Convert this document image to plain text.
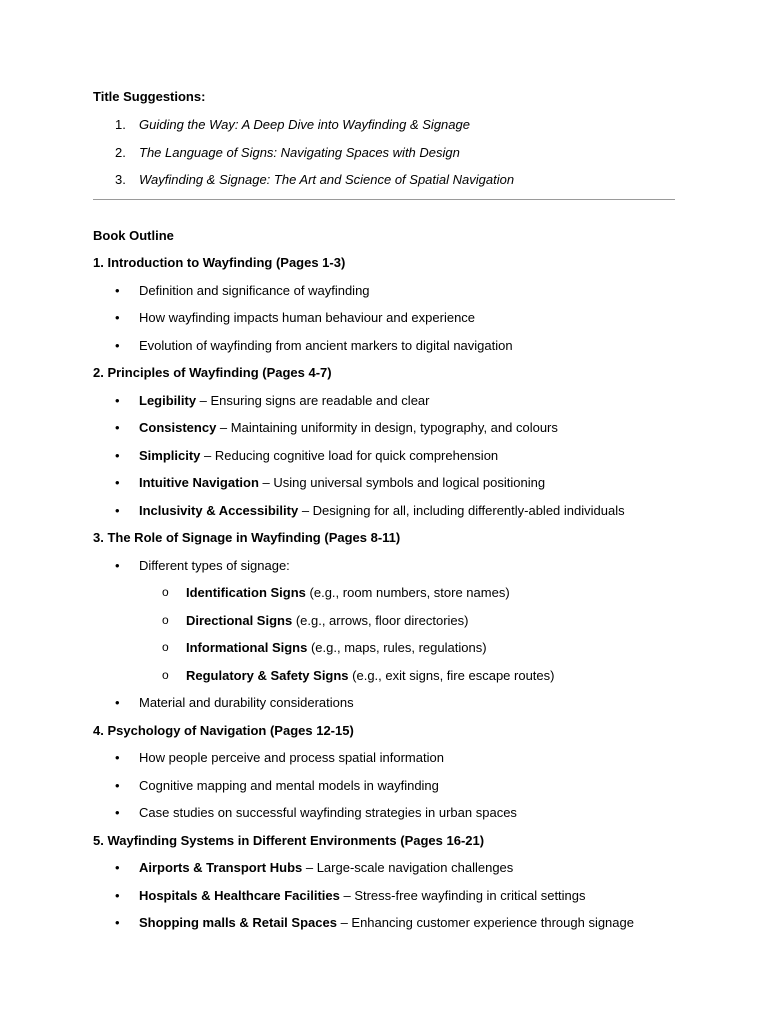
Title Suggestions:
1.	Guiding the Way: A Deep Dive into Wayfinding & Signage
2.	The Language of Signs: Navigating Spaces with Design
3.	Wayfinding & Signage: The Art and Science of Spatial Navigation
Book Outline
1. Introduction to Wayfinding (Pages 1-3)
•	Definition and significance of wayfinding
•	How wayfinding impacts human behaviour and experience
•	Evolution of wayfinding from ancient markers to digital navigation
2. Principles of Wayfinding (Pages 4-7)
•	Legibility – Ensuring signs are readable and clear
•	Consistency – Maintaining uniformity in design, typography, and colours
•	Simplicity – Reducing cognitive load for quick comprehension
•	Intuitive Navigation – Using universal symbols and logical positioning
•	Inclusivity & Accessibility – Designing for all, including differently-abled individuals
3. The Role of Signage in Wayfinding (Pages 8-11)
•	Different types of signage:
o	Identification Signs (e.g., room numbers, store names)
o	Directional Signs (e.g., arrows, floor directories)
o	Informational Signs (e.g., maps, rules, regulations)
o	Regulatory & Safety Signs (e.g., exit signs, fire escape routes)
•	Material and durability considerations
4. Psychology of Navigation (Pages 12-15)
•	How people perceive and process spatial information
•	Cognitive mapping and mental models in wayfinding
•	Case studies on successful wayfinding strategies in urban spaces
5. Wayfinding Systems in Different Environments (Pages 16-21)
•	Airports & Transport Hubs – Large-scale navigation challenges
•	Hospitals & Healthcare Facilities – Stress-free wayfinding in critical settings
•	Shopping malls & Retail Spaces – Enhancing customer experience through signage
